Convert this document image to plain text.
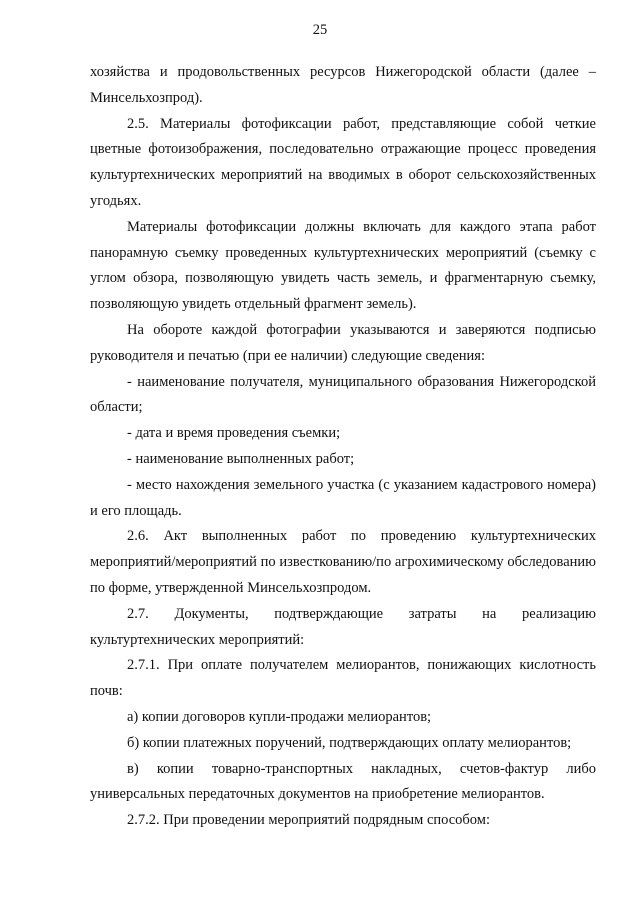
25

хозяйства и продовольственных ресурсов Нижегородской области (далее – Минсельхозпрод).

2.5. Материалы фотофиксации работ, представляющие собой четкие цветные фотоизображения, последовательно отражающие процесс проведения культуртехнических мероприятий на вводимых в оборот сельскохозяйственных угодьях.

Материалы фотофиксации должны включать для каждого этапа работ панорамную съемку проведенных культуртехнических мероприятий (съемку с углом обзора, позволяющую увидеть часть земель, и фрагментарную съемку, позволяющую увидеть отдельный фрагмент земель).

На обороте каждой фотографии указываются и заверяются подписью руководителя и печатью (при ее наличии) следующие сведения:

- наименование получателя, муниципального образования Нижегородской области;

- дата и время проведения съемки;

- наименование выполненных работ;

- место нахождения земельного участка (с указанием кадастрового номера) и его площадь.

2.6. Акт выполненных работ по проведению культуртехнических мероприятий/мероприятий по известкованию/по агрохимическому обследованию по форме, утвержденной Минсельхозпродом.

2.7. Документы, подтверждающие затраты на реализацию культуртехнических мероприятий:

2.7.1. При оплате получателем мелиорантов, понижающих кислотность почв:

а) копии договоров купли-продажи мелиорантов;

б) копии платежных поручений, подтверждающих оплату мелиорантов;

в) копии товарно-транспортных накладных, счетов-фактур либо универсальных передаточных документов на приобретение мелиорантов.

2.7.2. При проведении мероприятий подрядным способом:
